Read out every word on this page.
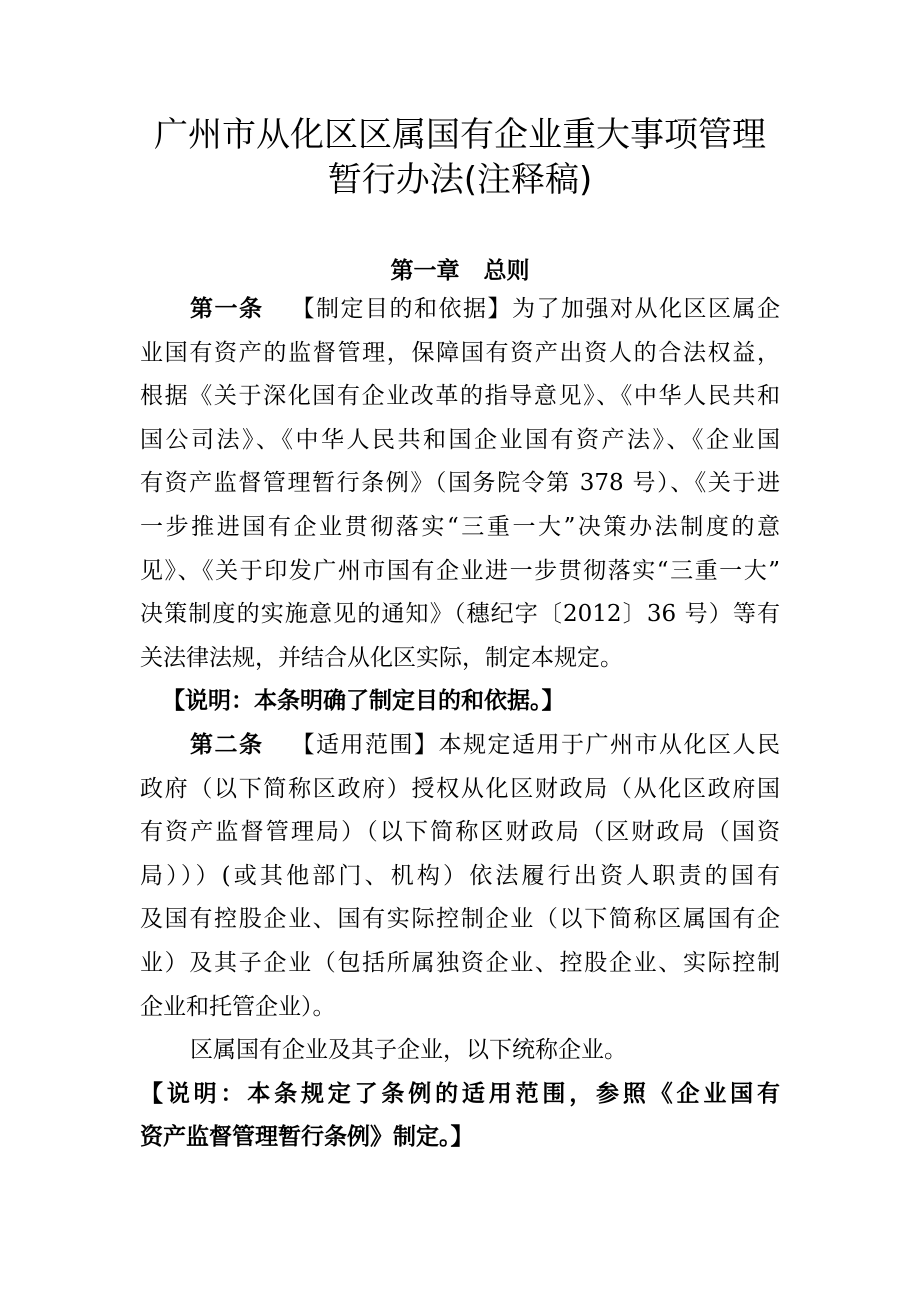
广州市从化区区属国有企业重大事项管理
暂行办法(注释稿)
第一章 总则
第一条 【制定目的和依据】为了加强对从化区区属企
业国有资产的监督管理，保障国有资产出资人的合法权益，
根据《关于深化国有企业改革的指导意见》、《中华人民共和
国公司法》、《中华人民共和国企业国有资产法》、《企业国
有资产监督管理暂行条例》（国务院令第 378 号）、《关于进
一步推进国有企业贯彻落实“三重一大”决策办法制度的意
见》、《关于印发广州市国有企业进一步贯彻落实“三重一大”
决策制度的实施意见的通知》（穗纪字〔2012〕36 号）等有
关法律法规，并结合从化区实际，制定本规定。
【说明：本条明确了制定目的和依据。】
第二条 【适用范围】本规定适用于广州市从化区人民
政府（以下简称区政府）授权从化区财政局（从化区政府国
有资产监督管理局）（以下简称区财政局（区财政局（国资
局）））(或其他部门、机构）依法履行出资人职责的国有
及国有控股企业、国有实际控制企业（以下简称区属国有企
业）及其子企业（包括所属独资企业、控股企业、实际控制
企业和托管企业）。
区属国有企业及其子企业，以下统称企业。
【说明：本条规定了条例的适用范围，参照《企业国有
资产监督管理暂行条例》制定。】
